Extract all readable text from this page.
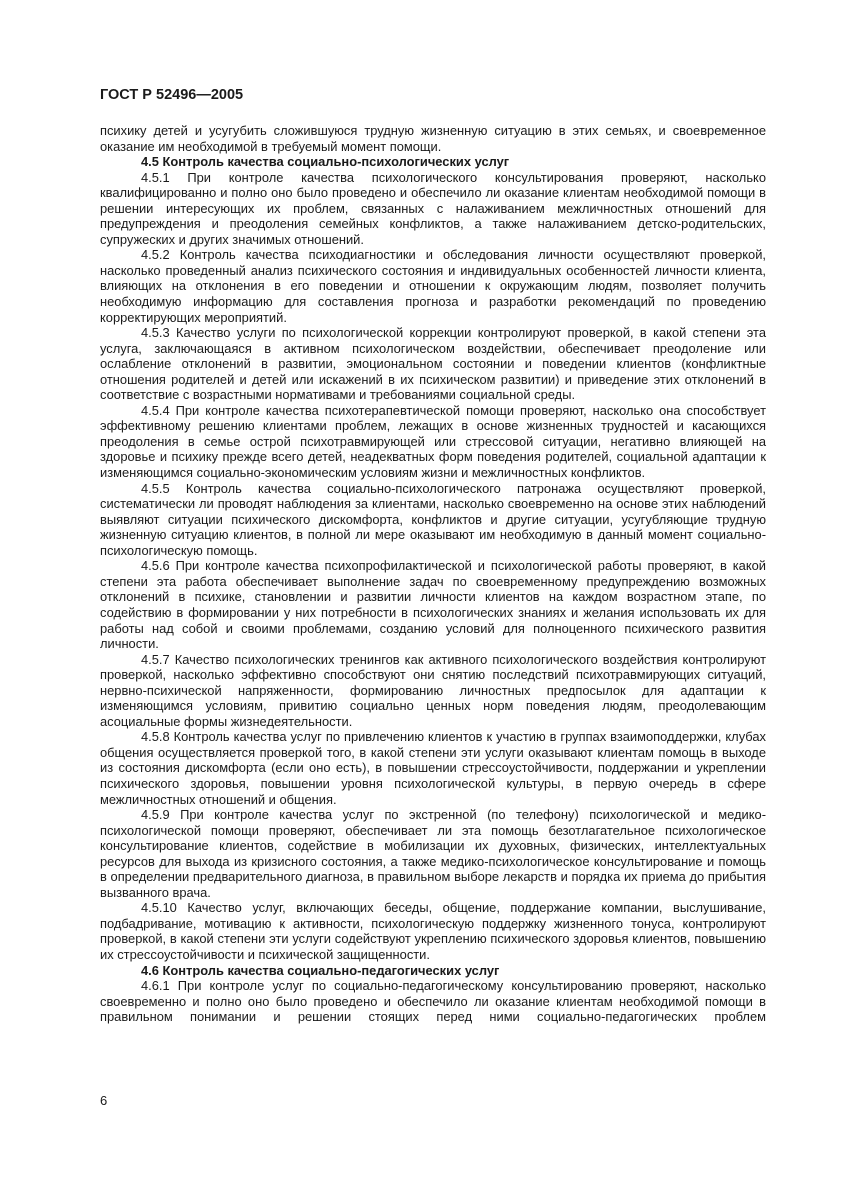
ГОСТ Р 52496—2005

психику детей и усугубить сложившуюся трудную жизненную ситуацию в этих семьях, и своевременное оказание им необходимой в требуемый момент помощи.

4.5 Контроль качества социально-психологических услуг

4.5.1 При контроле качества психологического консультирования проверяют, насколько квалифицированно и полно оно было проведено и обеспечило ли оказание клиентам необходимой помощи в решении интересующих их проблем, связанных с налаживанием межличностных отношений для предупреждения и преодоления семейных конфликтов, а также налаживанием детско-родительских, супружеских и других значимых отношений.

4.5.2 Контроль качества психодиагностики и обследования личности осуществляют проверкой, насколько проведенный анализ психического состояния и индивидуальных особенностей личности клиента, влияющих на отклонения в его поведении и отношении к окружающим людям, позволяет получить необходимую информацию для составления прогноза и разработки рекомендаций по проведению корректирующих мероприятий.

4.5.3 Качество услуги по психологической коррекции контролируют проверкой, в какой степени эта услуга, заключающаяся в активном психологическом воздействии, обеспечивает преодоление или ослабление отклонений в развитии, эмоциональном состоянии и поведении клиентов (конфликтные отношения родителей и детей или искажений в их психическом развитии) и приведение этих отклонений в соответствие с возрастными нормативами и требованиями социальной среды.

4.5.4 При контроле качества психотерапевтической помощи проверяют, насколько она способствует эффективному решению клиентами проблем, лежащих в основе жизненных трудностей и касающихся преодоления в семье острой психотравмирующей или стрессовой ситуации, негативно влияющей на здоровье и психику прежде всего детей, неадекватных форм поведения родителей, социальной адаптации к изменяющимся социально-экономическим условиям жизни и межличностных конфликтов.

4.5.5 Контроль качества социально-психологического патронажа осуществляют проверкой, систематически ли проводят наблюдения за клиентами, насколько своевременно на основе этих наблюдений выявляют ситуации психического дискомфорта, конфликтов и другие ситуации, усугубляющие трудную жизненную ситуацию клиентов, в полной ли мере оказывают им необходимую в данный момент социально-психологическую помощь.

4.5.6 При контроле качества психопрофилактической и психологической работы проверяют, в какой степени эта работа обеспечивает выполнение задач по своевременному предупреждению возможных отклонений в психике, становлении и развитии личности клиентов на каждом возрастном этапе, по содействию в формировании у них потребности в психологических знаниях и желания использовать их для работы над собой и своими проблемами, созданию условий для полноценного психического развития личности.

4.5.7 Качество психологических тренингов как активного психологического воздействия контролируют проверкой, насколько эффективно способствуют они снятию последствий психотравмирующих ситуаций, нервно-психической напряженности, формированию личностных предпосылок для адаптации к изменяющимся условиям, привитию социально ценных норм поведения людям, преодолевающим асоциальные формы жизнедеятельности.

4.5.8 Контроль качества услуг по привлечению клиентов к участию в группах взаимоподдержки, клубах общения осуществляется проверкой того, в какой степени эти услуги оказывают клиентам помощь в выходе из состояния дискомфорта (если оно есть), в повышении стрессоустойчивости, поддержании и укреплении психического здоровья, повышении уровня психологической культуры, в первую очередь в сфере межличностных отношений и общения.

4.5.9 При контроле качества услуг по экстренной (по телефону) психологической и медико-психологической помощи проверяют, обеспечивает ли эта помощь безотлагательное психологическое консультирование клиентов, содействие в мобилизации их духовных, физических, интеллектуальных ресурсов для выхода из кризисного состояния, а также медико-психологическое консультирование и помощь в определении предварительного диагноза, в правильном выборе лекарств и порядка их приема до прибытия вызванного врача.

4.5.10 Качество услуг, включающих беседы, общение, поддержание компании, выслушивание, подбадривание, мотивацию к активности, психологическую поддержку жизненного тонуса, контролируют проверкой, в какой степени эти услуги содействуют укреплению психического здоровья клиентов, повышению их стрессоустойчивости и психической защищенности.

4.6 Контроль качества социально-педагогических услуг

4.6.1 При контроле услуг по социально-педагогическому консультированию проверяют, насколько своевременно и полно оно было проведено и обеспечило ли оказание клиентам необходимой помощи в правильном понимании и решении стоящих перед ними социально-педагогических проблем

6
